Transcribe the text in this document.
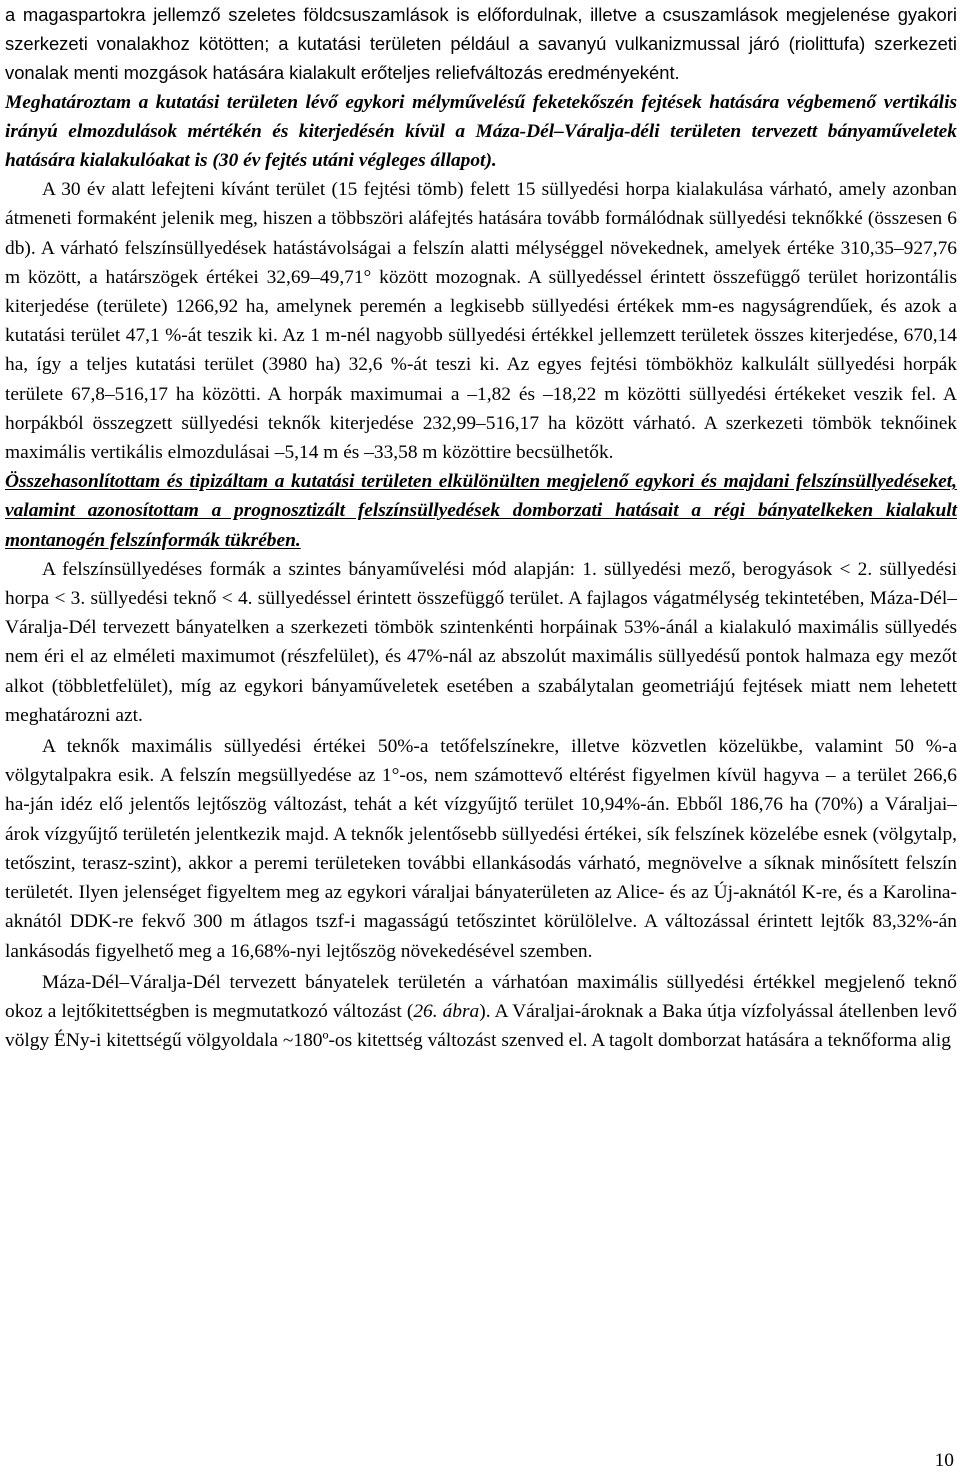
a magaspartokra jellemző szeletes földcsuszamlások is előfordulnak, illetve a csuszamlások megjelenése gyakori szerkezeti vonalakhoz kötötten; a kutatási területen például a savanyú vulkanizmussal járó (riolittufa) szerkezeti vonalak menti mozgások hatására kialakult erőteljes reliefváltozás eredményeként.

Meghatároztam a kutatási területen lévő egykori mélyművelésű feketekőszén fejtések hatására végbemenő vertikális irányú elmozdulások mértékén és kiterjedésén kívül a Máza-Dél–Váralja-déli területen tervezett bányaműveletek hatására kialakulóakat is (30 év fejtés utáni végleges állapot).

A 30 év alatt lefejteni kívánt terület (15 fejtési tömb) felett 15 süllyedési horpa kialakulása várható, amely azonban átmeneti formaként jelenik meg, hiszen a többszöri aláfejtés hatására tovább formálódnak süllyedési teknőkké (összesen 6 db). A várható felszínsüllyedések hatástávolságai a felszín alatti mélységgel növekednek, amelyek értéke 310,35–927,76 m között, a határszögek értékei 32,69–49,71° között mozognak. A süllyedéssel érintett összefüggő terület horizontális kiterjedése (területe) 1266,92 ha, amelynek peremén a legkisebb süllyedési értékek mm-es nagyságrendűek, és azok a kutatási terület 47,1 %-át teszik ki. Az 1 m-nél nagyobb süllyedési értékkel jellemzett területek összes kiterjedése, 670,14 ha, így a teljes kutatási terület (3980 ha) 32,6 %-át teszi ki. Az egyes fejtési tömbökhöz kalkulált süllyedési horpák területe 67,8–516,17 ha közötti. A horpák maximumai a –1,82 és –18,22 m közötti süllyedési értékeket veszik fel. A horpákból összegzett süllyedési teknők kiterjedése 232,99–516,17 ha között várható. A szerkezeti tömbök teknőinek maximális vertikális elmozdulásai –5,14 m és –33,58 m közöttire becsülhetők.

Összehasonlítottam és tipizáltam a kutatási területen elkülönülten megjelenő egykori és majdani felszínsüllyedéseket, valamint azonosítottam a prognosztizált felszínsüllyedések domborzati hatásait a régi bányatelkeken kialakult montanogén felszínformák tükrében.

A felszínsüllyedéses formák a szintes bányaművelési mód alapján: 1. süllyedési mező, berogyások < 2. süllyedési horpa < 3. süllyedési teknő < 4. süllyedéssel érintett összefüggő terület. A fajlagos vágatmélység tekintetében, Máza-Dél–Váralja-Dél tervezett bányatelken a szerkezeti tömbök szintenkénti horpáinak 53%-ánál a kialakuló maximális süllyedés nem éri el az elméleti maximumot (részfelület), és 47%-nál az abszolút maximális süllyedésű pontok halmaza egy mezőt alkot (többletfelület), míg az egykori bányaműveletek esetében a szabálytalan geometriájú fejtések miatt nem lehetett meghatározni azt.

A teknők maximális süllyedési értékei 50%-a tetőfelszínekre, illetve közvetlen közelükbe, valamint 50 %-a völgytalpakra esik. A felszín megsüllyedése az 1°-os, nem számottevő eltérést figyelmen kívül hagyva – a terület 266,6 ha-ján idéz elő jelentős lejtőszög változást, tehát a két vízgyűjtő terület 10,94%-án. Ebből 186,76 ha (70%) a Váraljai–árok vízgyűjtő területén jelentkezik majd. A teknők jelentősebb süllyedési értékei, sík felszínek közelébe esnek (völgytalp, tetőszint, terasz-szint), akkor a peremi területeken további ellankásodás várható, megnövelve a síknak minősített felszín területét. Ilyen jelenséget figyeltem meg az egykori váraljai bányaterületen az Alice- és az Új-aknától K-re, és a Karolina-aknától DDK-re fekvő 300 m átlagos tszf-i magasságú tetőszintet körülölelve. A változással érintett lejtők 83,32%-án lankásodás figyelhető meg a 16,68%-nyi lejtőszög növekedésével szemben.

Máza-Dél–Váralja-Dél tervezett bányatelek területén a várhatóan maximális süllyedési értékkel megjelenő teknő okoz a lejtőkitettségben is megmutatkozó változást (26. ábra). A Váraljai-ároknak a Baka útja vízfolyással átellenben levő völgy ÉNy-i kitettségű völgyoldala ~180º-os kitettség változást szenved el. A tagolt domborzat hatására a teknőforma alig

10
